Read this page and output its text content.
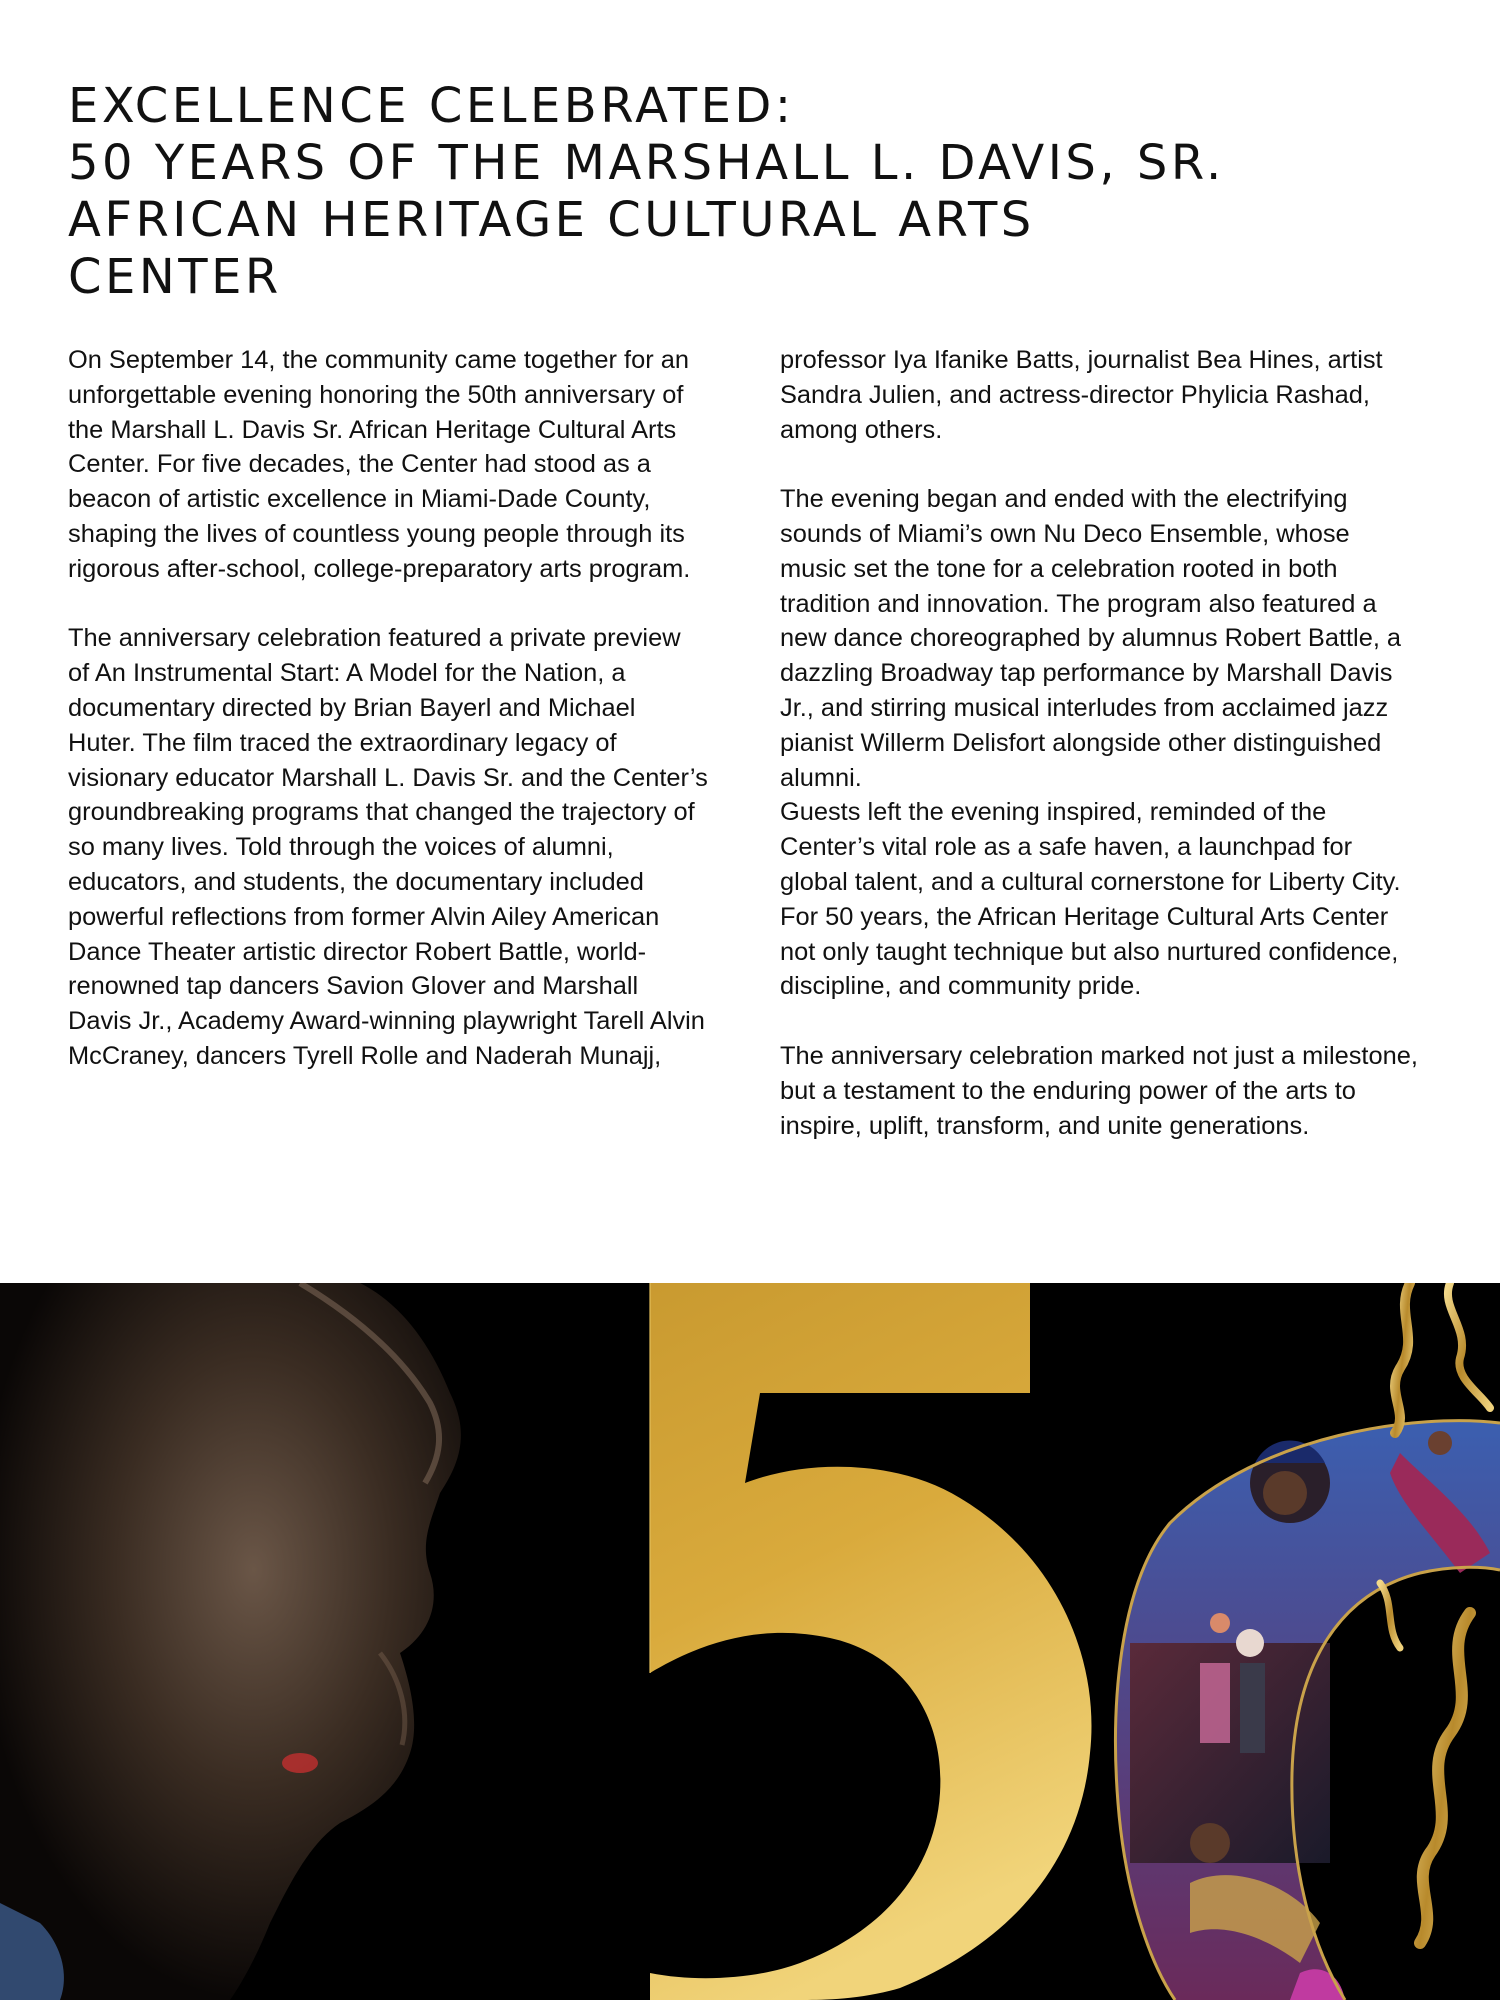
EXCELLENCE CELEBRATED:
50 YEARS OF THE MARSHALL L. DAVIS, SR.
AFRICAN HERITAGE CULTURAL ARTS
CENTER

On September 14, the community came together for an unforgettable evening honoring the 50th anniversary of the Marshall L. Davis Sr. African Heritage Cultural Arts Center. For five decades, the Center had stood as a beacon of artistic excellence in Miami-Dade County, shaping the lives of countless young people through its rigorous after-school, college-preparatory arts program.

The anniversary celebration featured a private preview of An Instrumental Start: A Model for the Nation, a documentary directed by Brian Bayerl and Michael Huter. The film traced the extraordinary legacy of visionary educator Marshall L. Davis Sr. and the Center’s groundbreaking programs that changed the trajectory of so many lives. Told through the voices of alumni, educators, and students, the documentary included powerful reflections from former Alvin Ailey American Dance Theater artistic director Robert Battle, world-renowned tap dancers Savion Glover and Marshall Davis Jr., Academy Award-winning playwright Tarell Alvin McCraney, dancers Tyrell Rolle and Naderah Munajj,

professor Iya Ifanike Batts, journalist Bea Hines, artist Sandra Julien, and actress-director Phylicia Rashad, among others.

The evening began and ended with the electrifying sounds of Miami’s own Nu Deco Ensemble, whose music set the tone for a celebration rooted in both tradition and innovation. The program also featured a new dance choreographed by alumnus Robert Battle, a dazzling Broadway tap performance by Marshall Davis Jr., and stirring musical interludes from acclaimed jazz pianist Willerm Delisfort alongside other distinguished alumni.

Guests left the evening inspired, reminded of the Center’s vital role as a safe haven, a launchpad for global talent, and a cultural cornerstone for Liberty City. For 50 years, the African Heritage Cultural Arts Center not only taught technique but also nurtured confidence, discipline, and community pride.

The anniversary celebration marked not just a milestone, but a testament to the enduring power of the arts to inspire, uplift, transform, and unite generations.
